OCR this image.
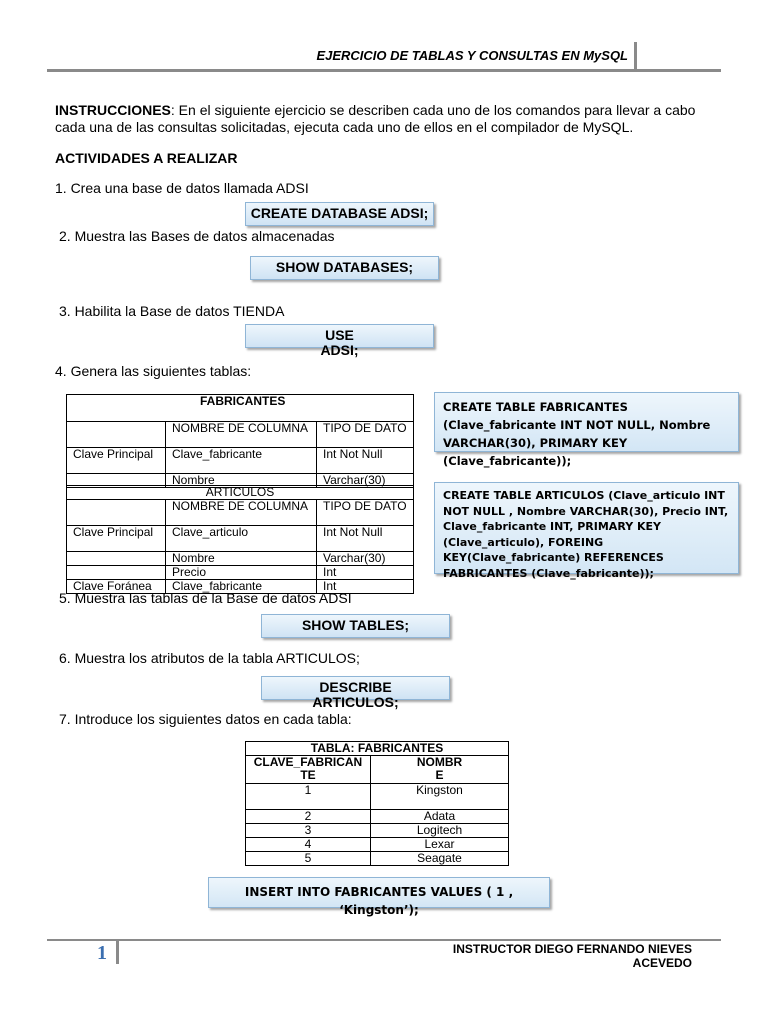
EJERCICIO DE TABLAS Y CONSULTAS EN MySQL
INSTRUCCIONES: En el siguiente ejercicio se describen cada uno de los comandos para llevar a cabo cada una de las consultas solicitadas, ejecuta cada uno de ellos en el compilador de MySQL.
ACTIVIDADES A REALIZAR
1. Crea una base de datos llamada ADSI
CREATE DATABASE ADSI;
2. Muestra las Bases de datos almacenadas
SHOW DATABASES;
3. Habilita la Base de datos TIENDA
USE ADSI;
4. Genera las siguientes tablas:
FABRICANTES		
	NOMBRE DE COLUMNA	TIPO DE DATO
Clave Principal	Clave_fabricante	Int Not Null
	Nombre	Varchar(30)
ARTICULOS		
	NOMBRE DE COLUMNA	TIPO DE DATO
Clave Principal	Clave_articulo	Int Not Null
	Nombre	Varchar(30)
	Precio	Int
Clave Foránea	Clave_fabricante	Int
CREATE TABLE FABRICANTES (Clave_fabricante INT NOT NULL, Nombre VARCHAR(30), PRIMARY KEY (Clave_fabricante));
CREATE TABLE ARTICULOS (Clave_articulo INT NOT NULL , Nombre VARCHAR(30), Precio INT, Clave_fabricante INT, PRIMARY KEY (Clave_articulo), FOREING KEY(Clave_fabricante) REFERENCES FABRICANTES (Clave_fabricante));
5. Muestra las tablas de la Base de datos ADSI
SHOW TABLES;
6. Muestra los atributos de la tabla ARTICULOS;
DESCRIBE ARTICULOS;
7. Introduce los siguientes datos en cada tabla:
TABLA: FABRICANTES	
CLAVE_FABRICANTE	NOMBRE
1	Kingston
2	Adata
3	Logitech
4	Lexar
5	Seagate
INSERT INTO FABRICANTES VALUES ( 1 , ‘Kingston’);
1	INSTRUCTOR DIEGO FERNANDO NIEVES ACEVEDO
